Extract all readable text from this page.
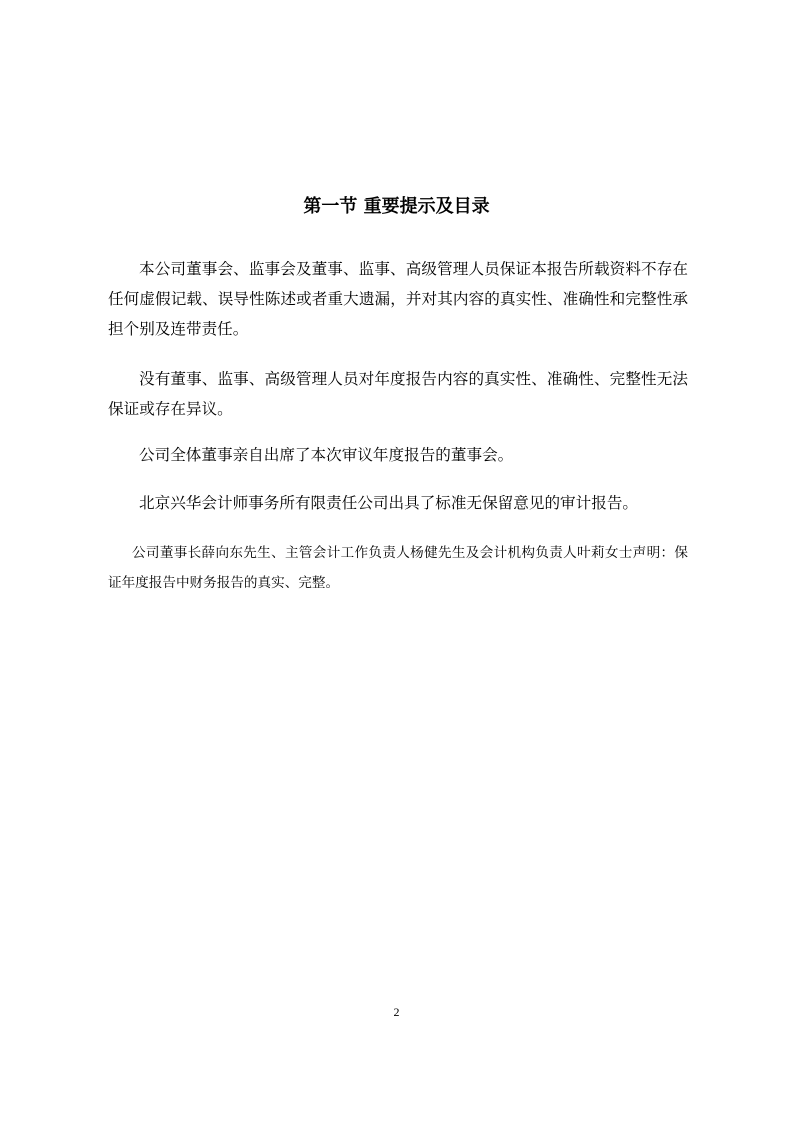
第一节 重要提示及目录

本公司董事会、监事会及董事、监事、高级管理人员保证本报告所载资料不存在任何虚假记载、误导性陈述或者重大遗漏，并对其内容的真实性、准确性和完整性承担个别及连带责任。

没有董事、监事、高级管理人员对年度报告内容的真实性、准确性、完整性无法保证或存在异议。

公司全体董事亲自出席了本次审议年度报告的董事会。

北京兴华会计师事务所有限责任公司出具了标准无保留意见的审计报告。

公司董事长薛向东先生、主管会计工作负责人杨健先生及会计机构负责人叶莉女士声明：保证年度报告中财务报告的真实、完整。

2
